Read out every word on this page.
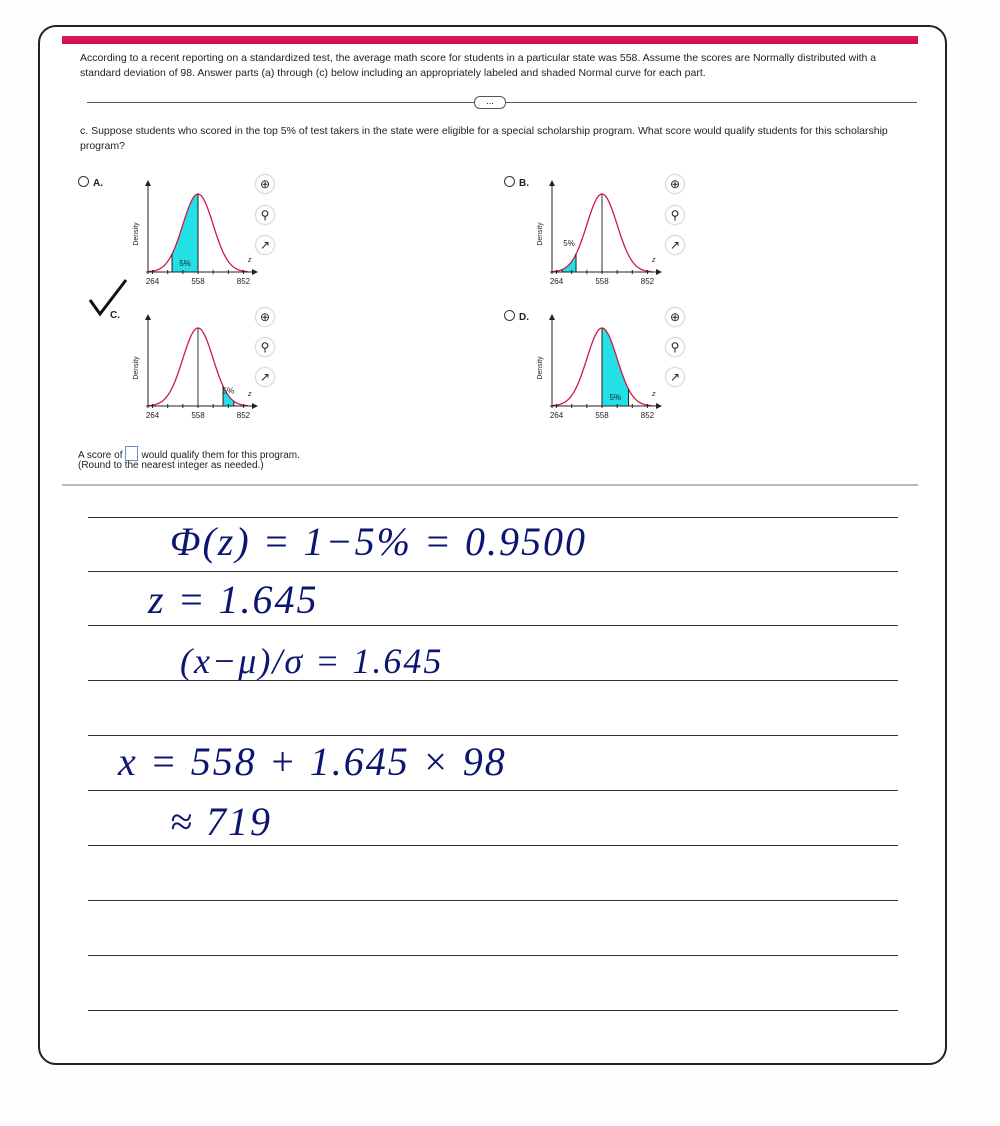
According to a recent reporting on a standardized test, the average math score for students in a particular state was 558. Assume the scores are Normally distributed with a standard deviation of 98. Answer parts (a) through (c) below including an appropriately labeled and shaded Normal curve for each part.
...
c. Suppose students who scored in the top 5% of test takers in the state were eligible for a special scholarship program. What score would qualify students for this scholarship program?
A.	B.
C.	D.
264	558	852
Density
z
5%
264	558	852
Density
z
5%
264	558	852
Density
z
5%
264	558	852
Density
z
5%
⊕
⚲
↗
⊕
⚲
↗
⊕
⚲
↗
⊕
⚲
↗
A score of would qualify them for this program.
(Round to the nearest integer as needed.)
Φ(z) = 1−5% = 0.9500
z = 1.645
(x−μ)/σ = 1.645
x = 558 + 1.645 × 98
≈ 719
